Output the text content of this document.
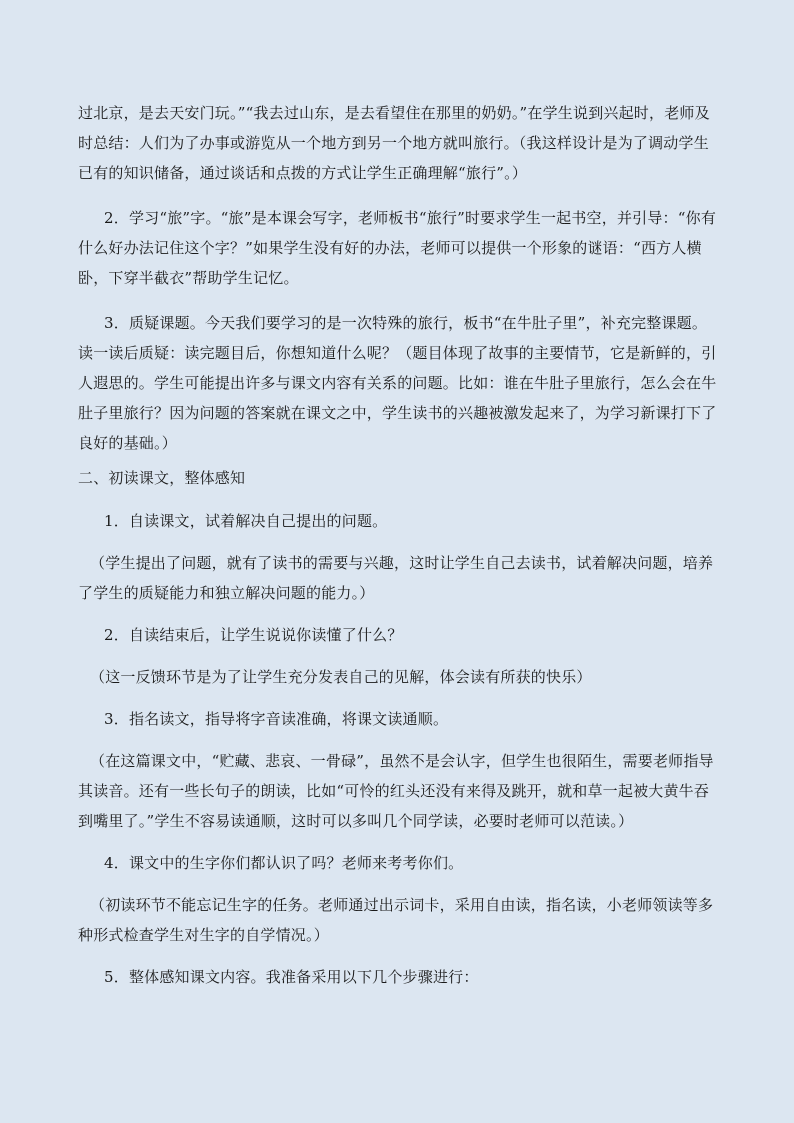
过北京，是去天安门玩。”“我去过山东，是去看望住在那里的奶奶。”在学生说到兴起时，老师及时总结：人们为了办事或游览从一个地方到另一个地方就叫旅行。（我这样设计是为了调动学生已有的知识储备，通过谈话和点拨的方式让学生正确理解“旅行”。）

2．学习“旅”字。“旅”是本课会写字，老师板书“旅行”时要求学生一起书空，并引导：“你有什么好办法记住这个字？”如果学生没有好的办法，老师可以提供一个形象的谜语：“西方人横卧，下穿半截衣”帮助学生记忆。

3．质疑课题。今天我们要学习的是一次特殊的旅行，板书“在牛肚子里”，补充完整课题。读一读后质疑：读完题目后，你想知道什么呢？（题目体现了故事的主要情节，它是新鲜的，引人遐思的。学生可能提出许多与课文内容有关系的问题。比如：谁在牛肚子里旅行，怎么会在牛肚子里旅行？因为问题的答案就在课文之中，学生读书的兴趣被激发起来了，为学习新课打下了良好的基础。）

二、初读课文，整体感知

1．自读课文，试着解决自己提出的问题。

（学生提出了问题，就有了读书的需要与兴趣，这时让学生自己去读书，试着解决问题，培养了学生的质疑能力和独立解决问题的能力。）

2．自读结束后，让学生说说你读懂了什么？

（这一反馈环节是为了让学生充分发表自己的见解，体会读有所获的快乐）

3．指名读文，指导将字音读准确，将课文读通顺。

（在这篇课文中，“贮藏、悲哀、一骨碌”，虽然不是会认字，但学生也很陌生，需要老师指导其读音。还有一些长句子的朗读，比如“可怜的红头还没有来得及跳开，就和草一起被大黄牛吞到嘴里了。”学生不容易读通顺，这时可以多叫几个同学读，必要时老师可以范读。）

4．课文中的生字你们都认识了吗？老师来考考你们。

（初读环节不能忘记生字的任务。老师通过出示词卡，采用自由读，指名读，小老师领读等多种形式检查学生对生字的自学情况。）

5．整体感知课文内容。我准备采用以下几个步骤进行：
